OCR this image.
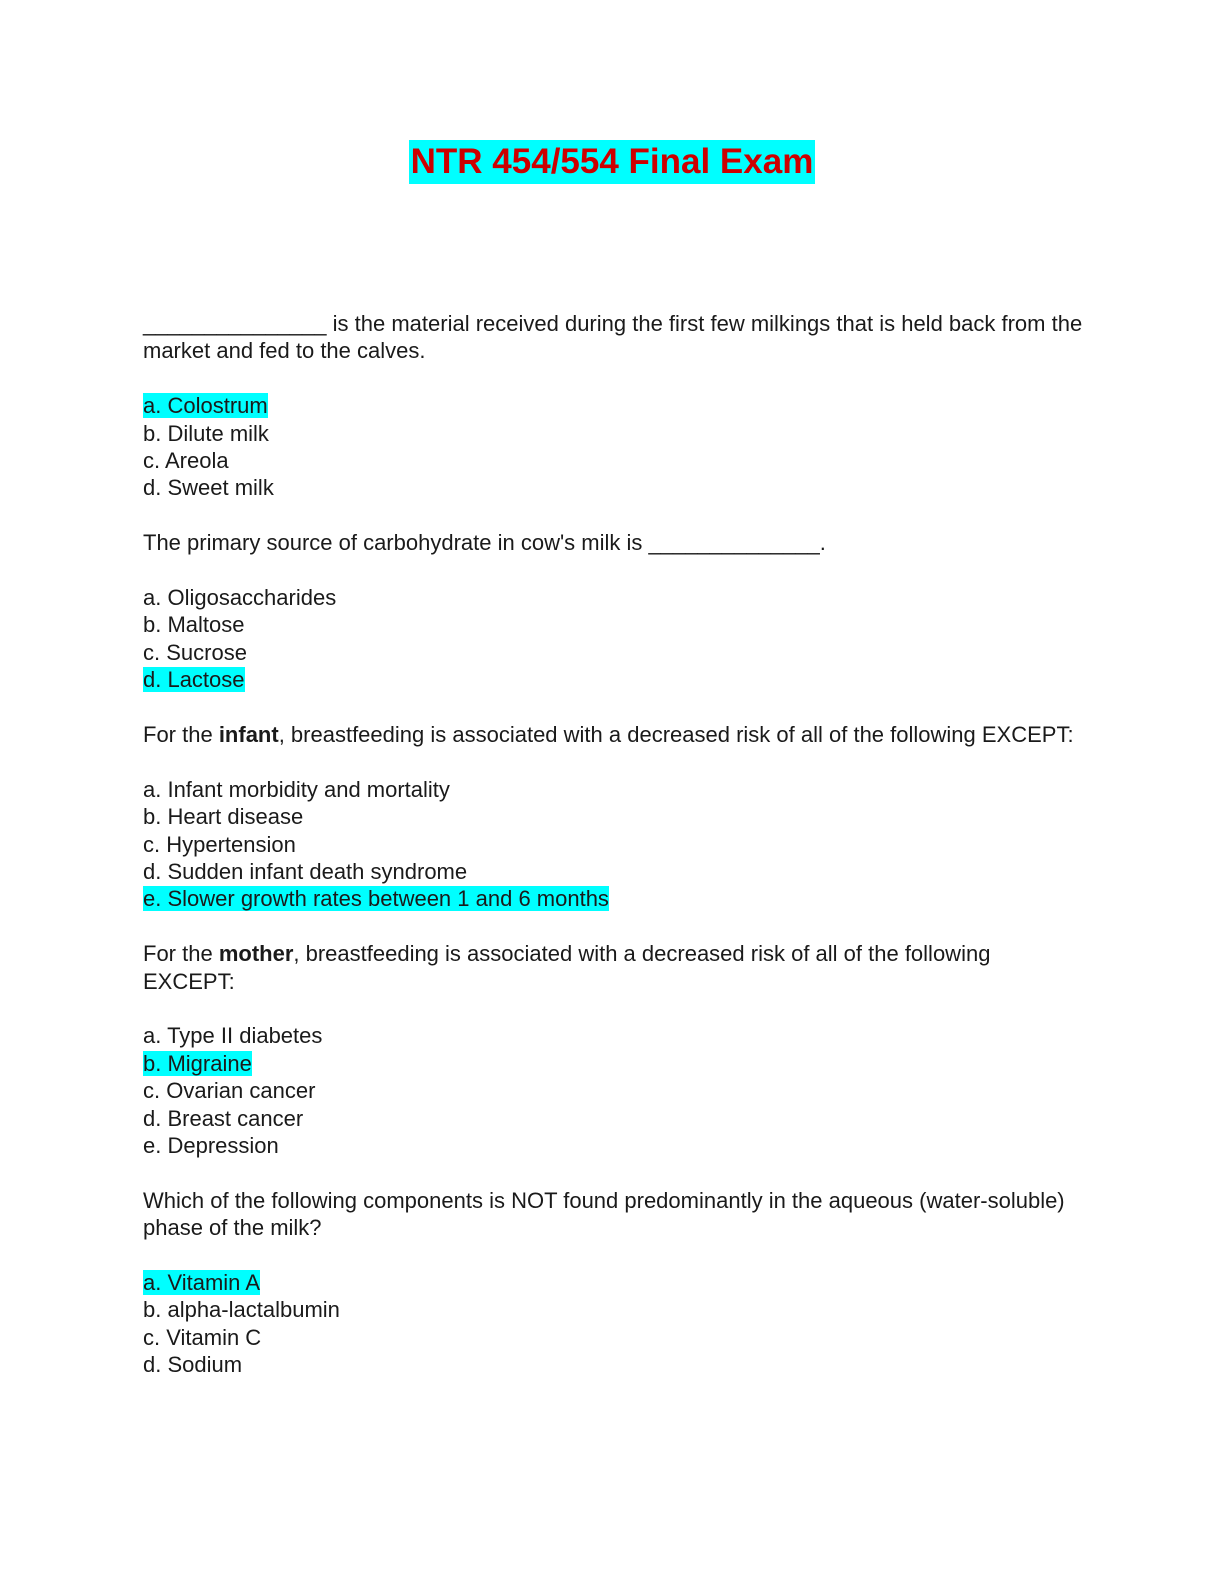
NTR 454/554 Final Exam
_______________ is the material received during the first few milkings that is held back from the market and fed to the calves.
a. Colostrum
b. Dilute milk
c. Areola
d. Sweet milk
The primary source of carbohydrate in cow's milk is ______________.
a. Oligosaccharides
b. Maltose
c. Sucrose
d. Lactose
For the infant, breastfeeding is associated with a decreased risk of all of the following EXCEPT:
a. Infant morbidity and mortality
b. Heart disease
c. Hypertension
d. Sudden infant death syndrome
e. Slower growth rates between 1 and 6 months
For the mother, breastfeeding is associated with a decreased risk of all of the following EXCEPT:
a. Type II diabetes
b. Migraine
c. Ovarian cancer
d. Breast cancer
e. Depression
Which of the following components is NOT found predominantly in the aqueous (water-soluble) phase of the milk?
a. Vitamin A
b. alpha-lactalbumin
c. Vitamin C
d. Sodium
